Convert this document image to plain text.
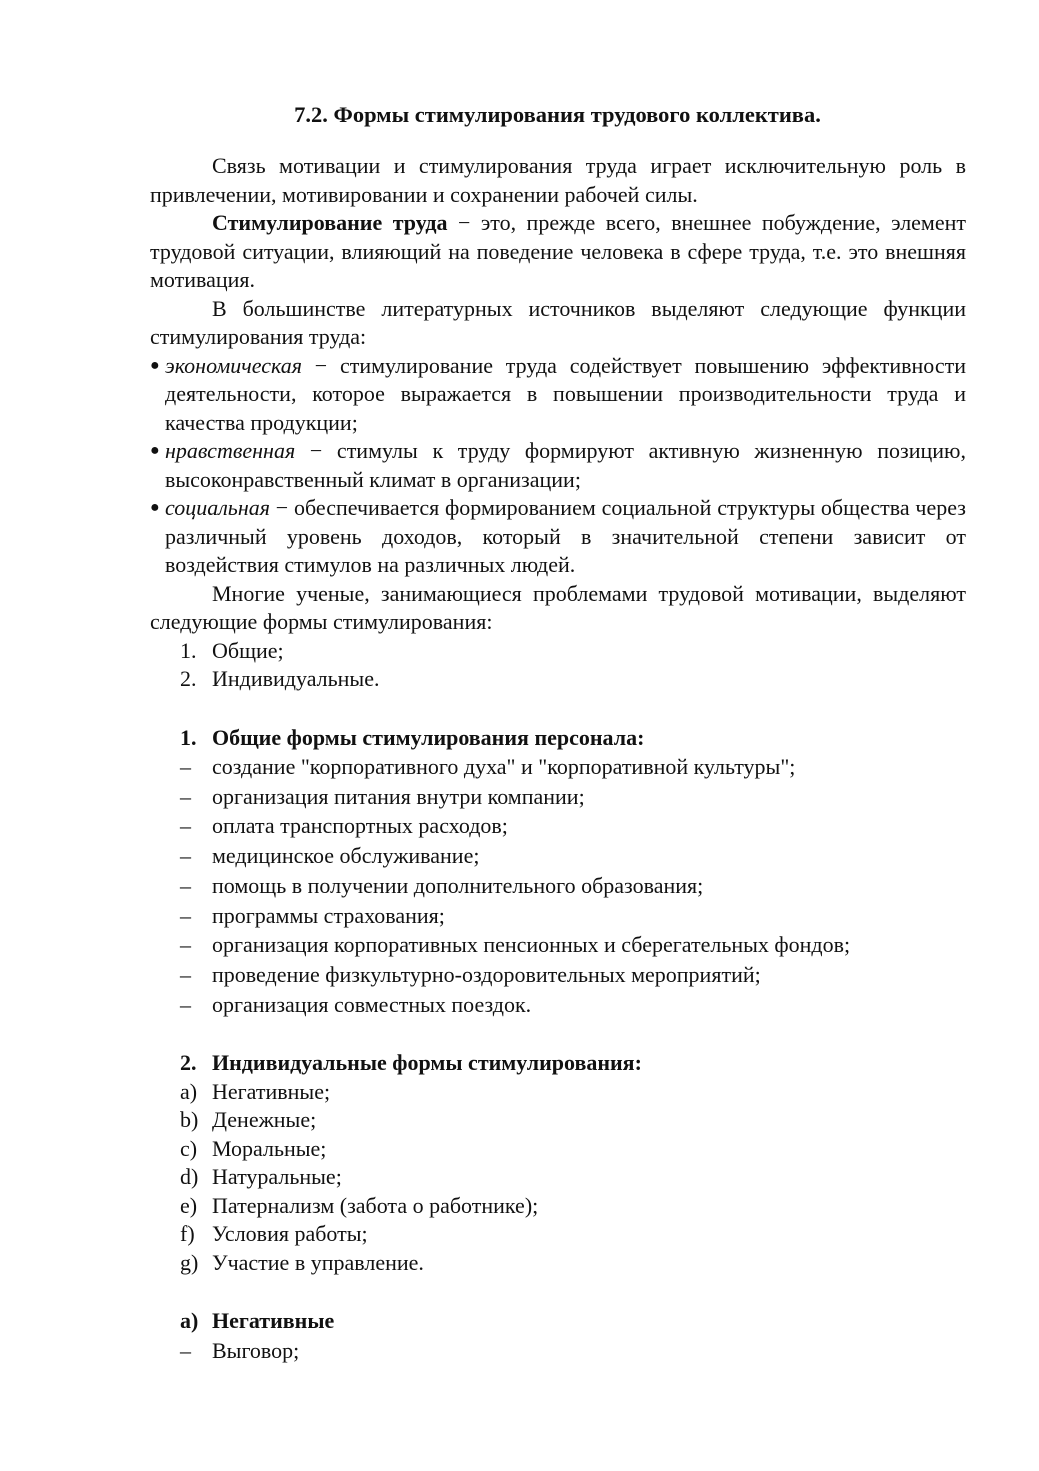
7.2. Формы стимулирования трудового коллектива.

Связь мотивации и стимулирования труда играет исключительную роль в привлечении, мотивировании и сохранении рабочей силы.

Стимулирование труда − это, прежде всего, внешнее побуждение, элемент трудовой ситуации, влияющий на поведение человека в сфере труда, т.е. это внешняя мотивация.

В большинстве литературных источников выделяют следующие функции стимулирования труда:

● экономическая − стимулирование труда содействует повышению эффективности деятельности, которое выражается в повышении производительности труда и качества продукции;
● нравственная − стимулы к труду формируют активную жизненную позицию, высоконравственный климат в организации;
● социальная − обеспечивается формированием социальной структуры общества через различный уровень доходов, который в значительной степени зависит от воздействия стимулов на различных людей.

Многие ученые, занимающиеся проблемами трудовой мотивации, выделяют следующие формы стимулирования:

1. Общие;
2. Индивидуальные.
1. Общие формы стимулирования персонала:
– создание "корпоративного духа" и "корпоративной культуры";
– организация питания внутри компании;
– оплата транспортных расходов;
– медицинское обслуживание;
– помощь в получении дополнительного образования;
– программы страхования;
– организация корпоративных пенсионных и сберегательных фондов;
– проведение физкультурно-оздоровительных мероприятий;
– организация совместных поездок.
2. Индивидуальные формы стимулирования:
a) Негативные;
b) Денежные;
c) Моральные;
d) Натуральные;
e) Патернализм (забота о работнике);
f) Условия работы;
g) Участие в управление.
a) Негативные
– Выговор;
